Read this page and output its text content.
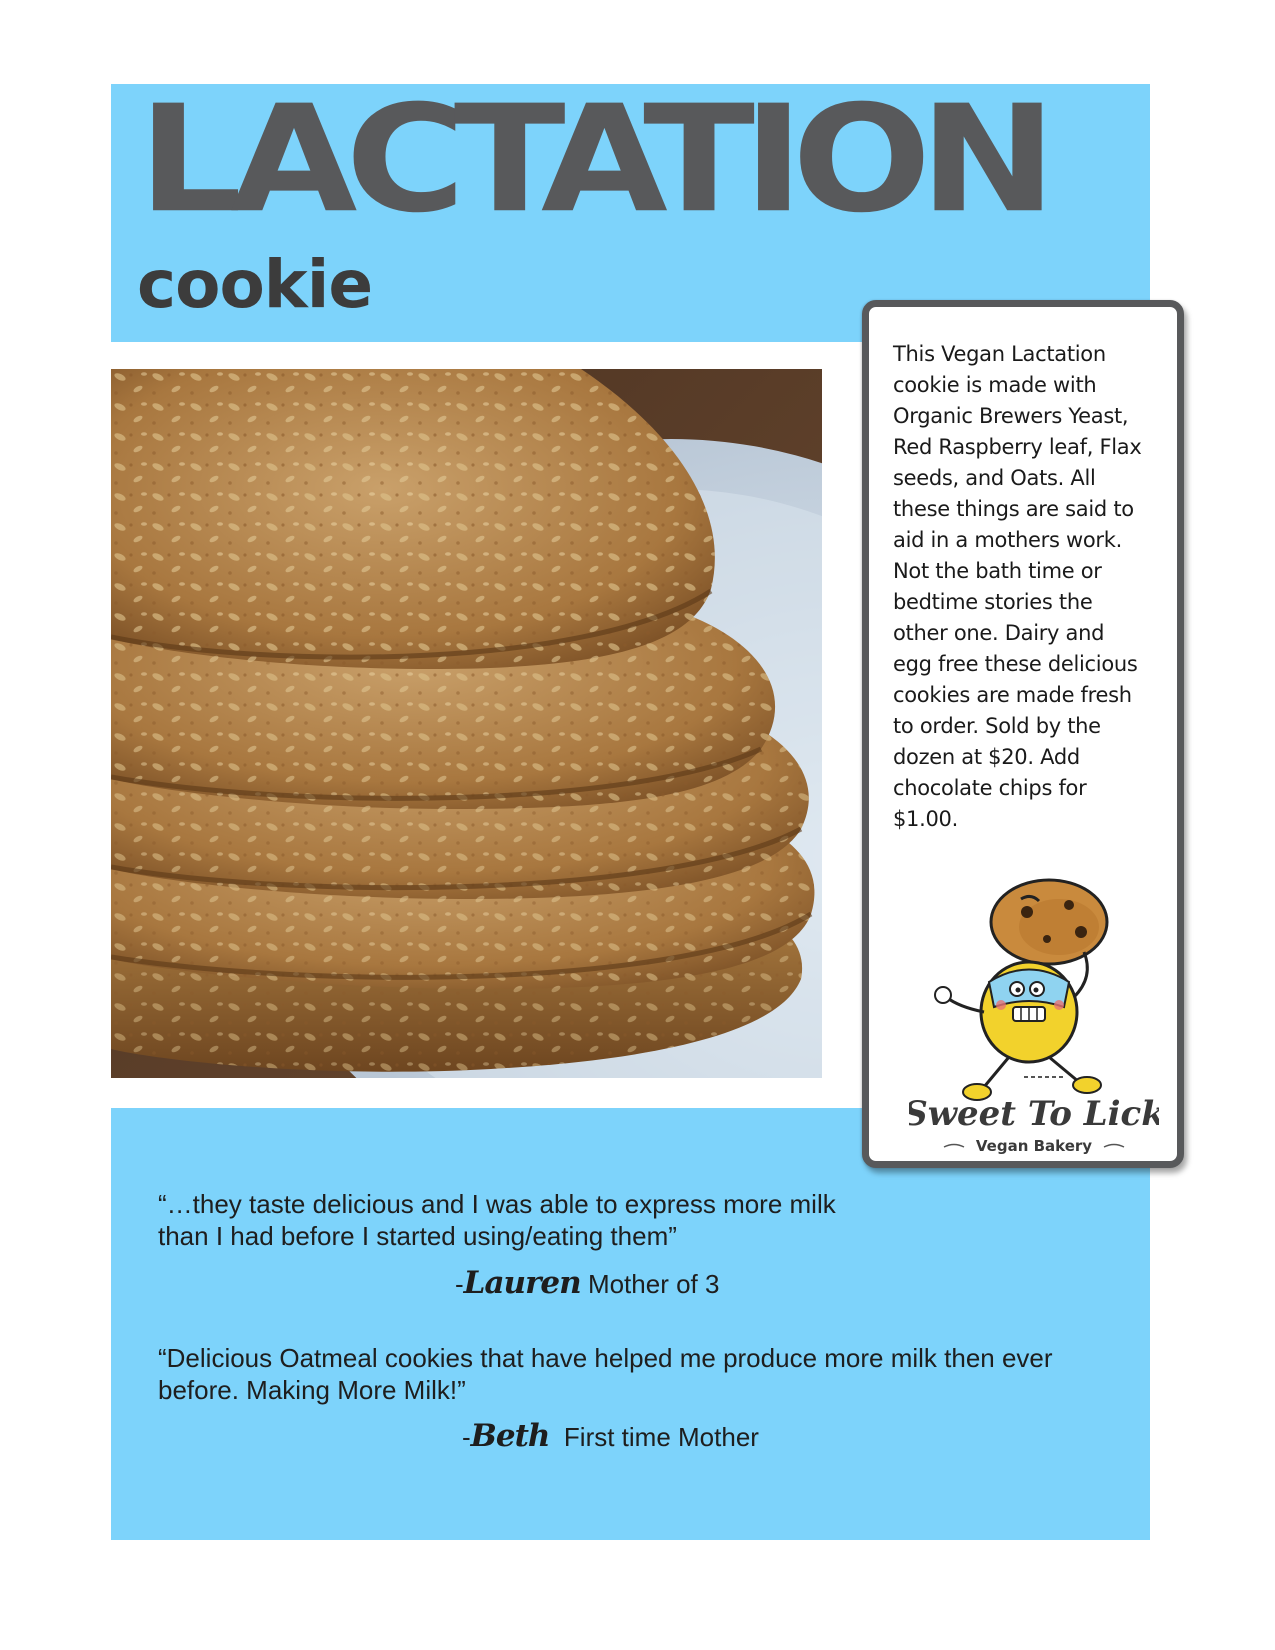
LACTATION
cookie
“…they taste delicious and I was able to express more milk than I had before I started using/eating them”
-Lauren Mother of 3
“Delicious Oatmeal cookies that have helped me produce more milk then ever before. Making More Milk!”
-Beth First time Mother
This Vegan Lactation
cookie is made with
Organic Brewers Yeast,
Red Raspberry leaf, Flax
seeds, and Oats. All
these things are said to
aid in a mothers work.
Not the bath time or
bedtime stories the
other one. Dairy and
egg free these delicious
cookies are made fresh
to order. Sold by the
dozen at $20. Add
chocolate chips for
$1.00.
Sweet To Lick
Vegan Bakery
